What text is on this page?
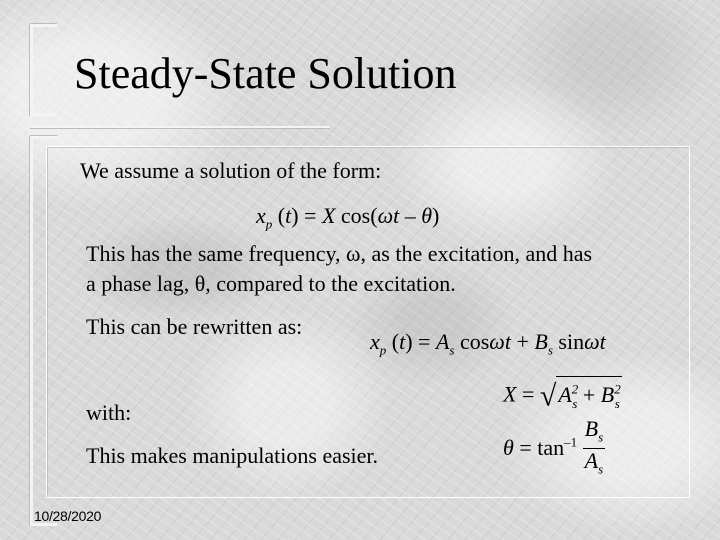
Steady-State Solution
We assume a solution of the form:
$x_p$ (t) = X cos(ωt – θ)
This has the same frequency, ω, as the excitation, and has
a phase lag, θ, compared to the excitation.
This can be rewritten as:
$x_p$ $(t) = A_s$ $\cos\omega t + B_s$ sinωt
$X = √A^2_s + B^2_s$
with:
$\theta = \tan^{-1} \frac{B_s}{A_s}$
This makes manipulations easier.
10/28/2020
